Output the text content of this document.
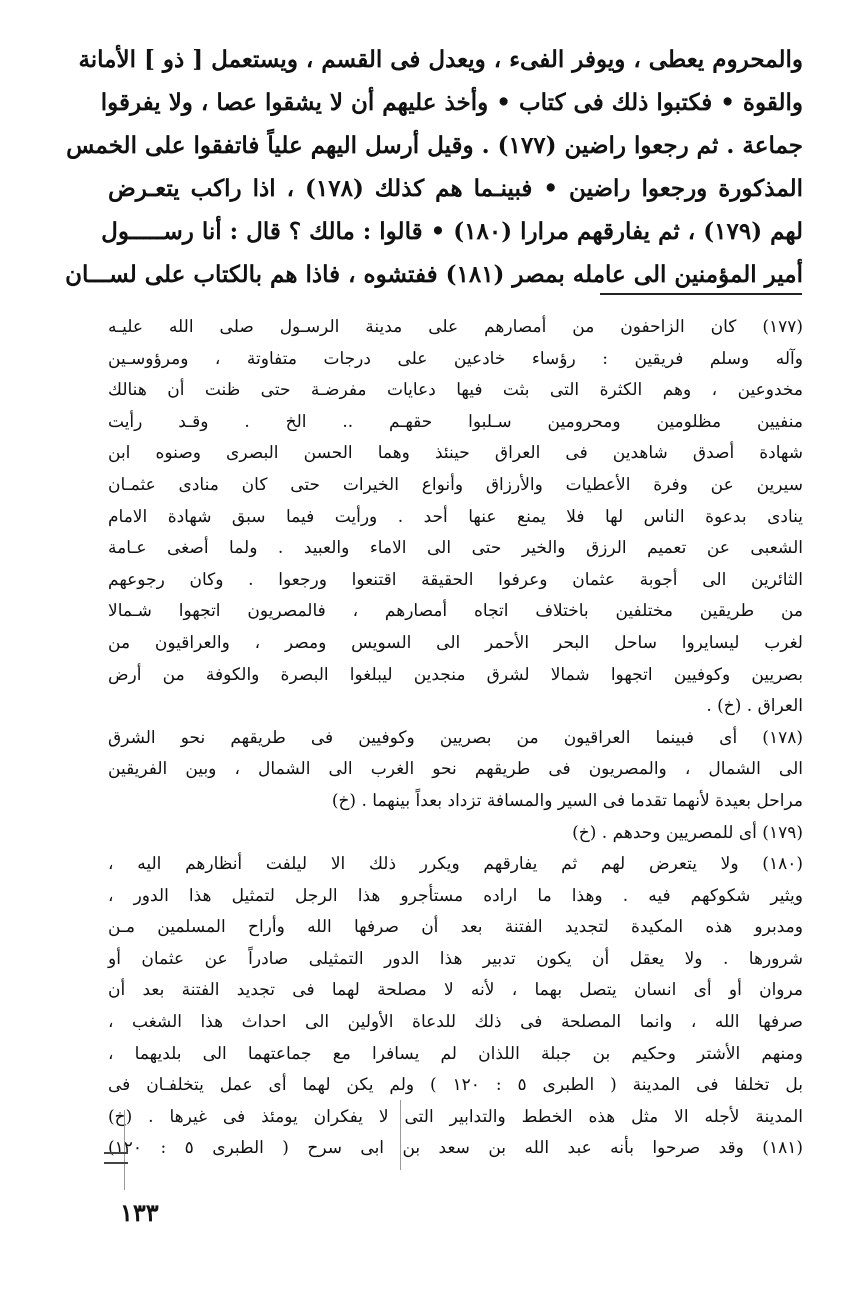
والمحروم يعطى ، ويوفر الفىء ، ويعدل فى القسم ، ويستعمل [ ذو ] الأمانة
والقوة • فكتبوا ذلك فى كتاب • وأخذ عليهم أن لا يشقوا عصا ، ولا يفرقوا
جماعة . ثم رجعوا راضين (١٧٧) . وقيل أرسل اليهم علياً فاتفقوا على الخمس
المذكورة ورجعوا راضين • فبينـما هم كذلك (١٧٨) ، اذا راكب يتعـرض
لهم (١٧٩) ، ثم يفارقهم مرارا (١٨٠) • قالوا : مالك ؟ قال : أنا رســـــول
أمير المؤمنين الى عامله بمصر (١٨١) ففتشوه ، فاذا هم بالكتاب على لســـان
(١٧٧) كان الزاحفون من أمصارهم على مدينة الرسـول صلى الله عليـه
وآله وسلم فريقين : رؤساء خادعين على درجات متفاوتة ، ومرؤوسـين
مخدوعين ، وهم الكثرة التى بثت فيها دعايات مفرضـة حتى ظنت أن هنالك
منفيين مظلومين ومحرومين سـلبوا حقهـم .. الخ . وقـد رأيت
شهادة أصدق شاهدين فى العراق حينئذ وهما الحسن البصرى وصنوه ابن
سيرين عن وفرة الأعطيات والأرزاق وأنواع الخيرات حتى كان منادى عثمـان
ينادى بدعوة الناس لها فلا يمنع عنها أحد . ورأيت فيما سبق شهادة الامام
الشعبى عن تعميم الرزق والخير حتى الى الاماء والعبيد . ولما أصغى عـامة
الثائرين الى أجوبة عثمان وعرفوا الحقيقة اقتنعوا ورجعوا . وكان رجوعهم
من طريقين مختلفين باختلاف اتجاه أمصارهم ، فالمصريون اتجهوا شـمالا
لغرب ليسايروا ساحل البحر الأحمر الى السويس ومصر ، والعراقيون من
بصريين وكوفيين اتجهوا شمالا لشرق منجدين ليبلغوا البصرة والكوفة من أرض
العراق . (خ) .
(١٧٨) أى فبينما العراقيون من بصريين وكوفيين فى طريقهم نحو الشرق
الى الشمال ، والمصريون فى طريقهم نحو الغرب الى الشمال ، وبين الفريقين
مراحل بعيدة لأنهما تقدما فى السير والمسافة تزداد بعداً بينهما . (خ)
(١٧٩) أى للمصريين وحدهم . (خ)
(١٨٠) ولا يتعرض لهم ثم يفارقهم ويكرر ذلك الا ليلفت أنظارهم اليه ،
ويثير شكوكهم فيه . وهذا ما اراده مستأجرو هذا الرجل لتمثيل هذا الدور ،
ومدبرو هذه المكيدة لتجديد الفتنة بعد أن صرفها الله وأراح المسلمين مـن
شرورها . ولا يعقل أن يكون تدبير هذا الدور التمثيلى صادراً عن عثمان أو
مروان أو أى انسان يتصل بهما ، لأنه لا مصلحة لهما فى تجديد الفتنة بعد أن
صرفها الله ، وانما المصلحة فى ذلك للدعاة الأولين الى احداث هذا الشغب ،
ومنهم الأشتر وحكيم بن جبلة اللذان لم يسافرا مع جماعتهما الى بلديهما ،
بل تخلفا فى المدينة ( الطبرى ٥ : ١٢٠ ) ولم يكن لهما أى عمل يتخلفـان فى
المدينة لأجله الا مثل هذه الخطط والتدابير التى لا يفكران يومئذ فى غيرها . (خ)
(١٨١) وقد صرحوا بأنه عبد الله بن سعد بن ابى سرح ( الطبرى ٥ : ١٢٠)
١٣٣
